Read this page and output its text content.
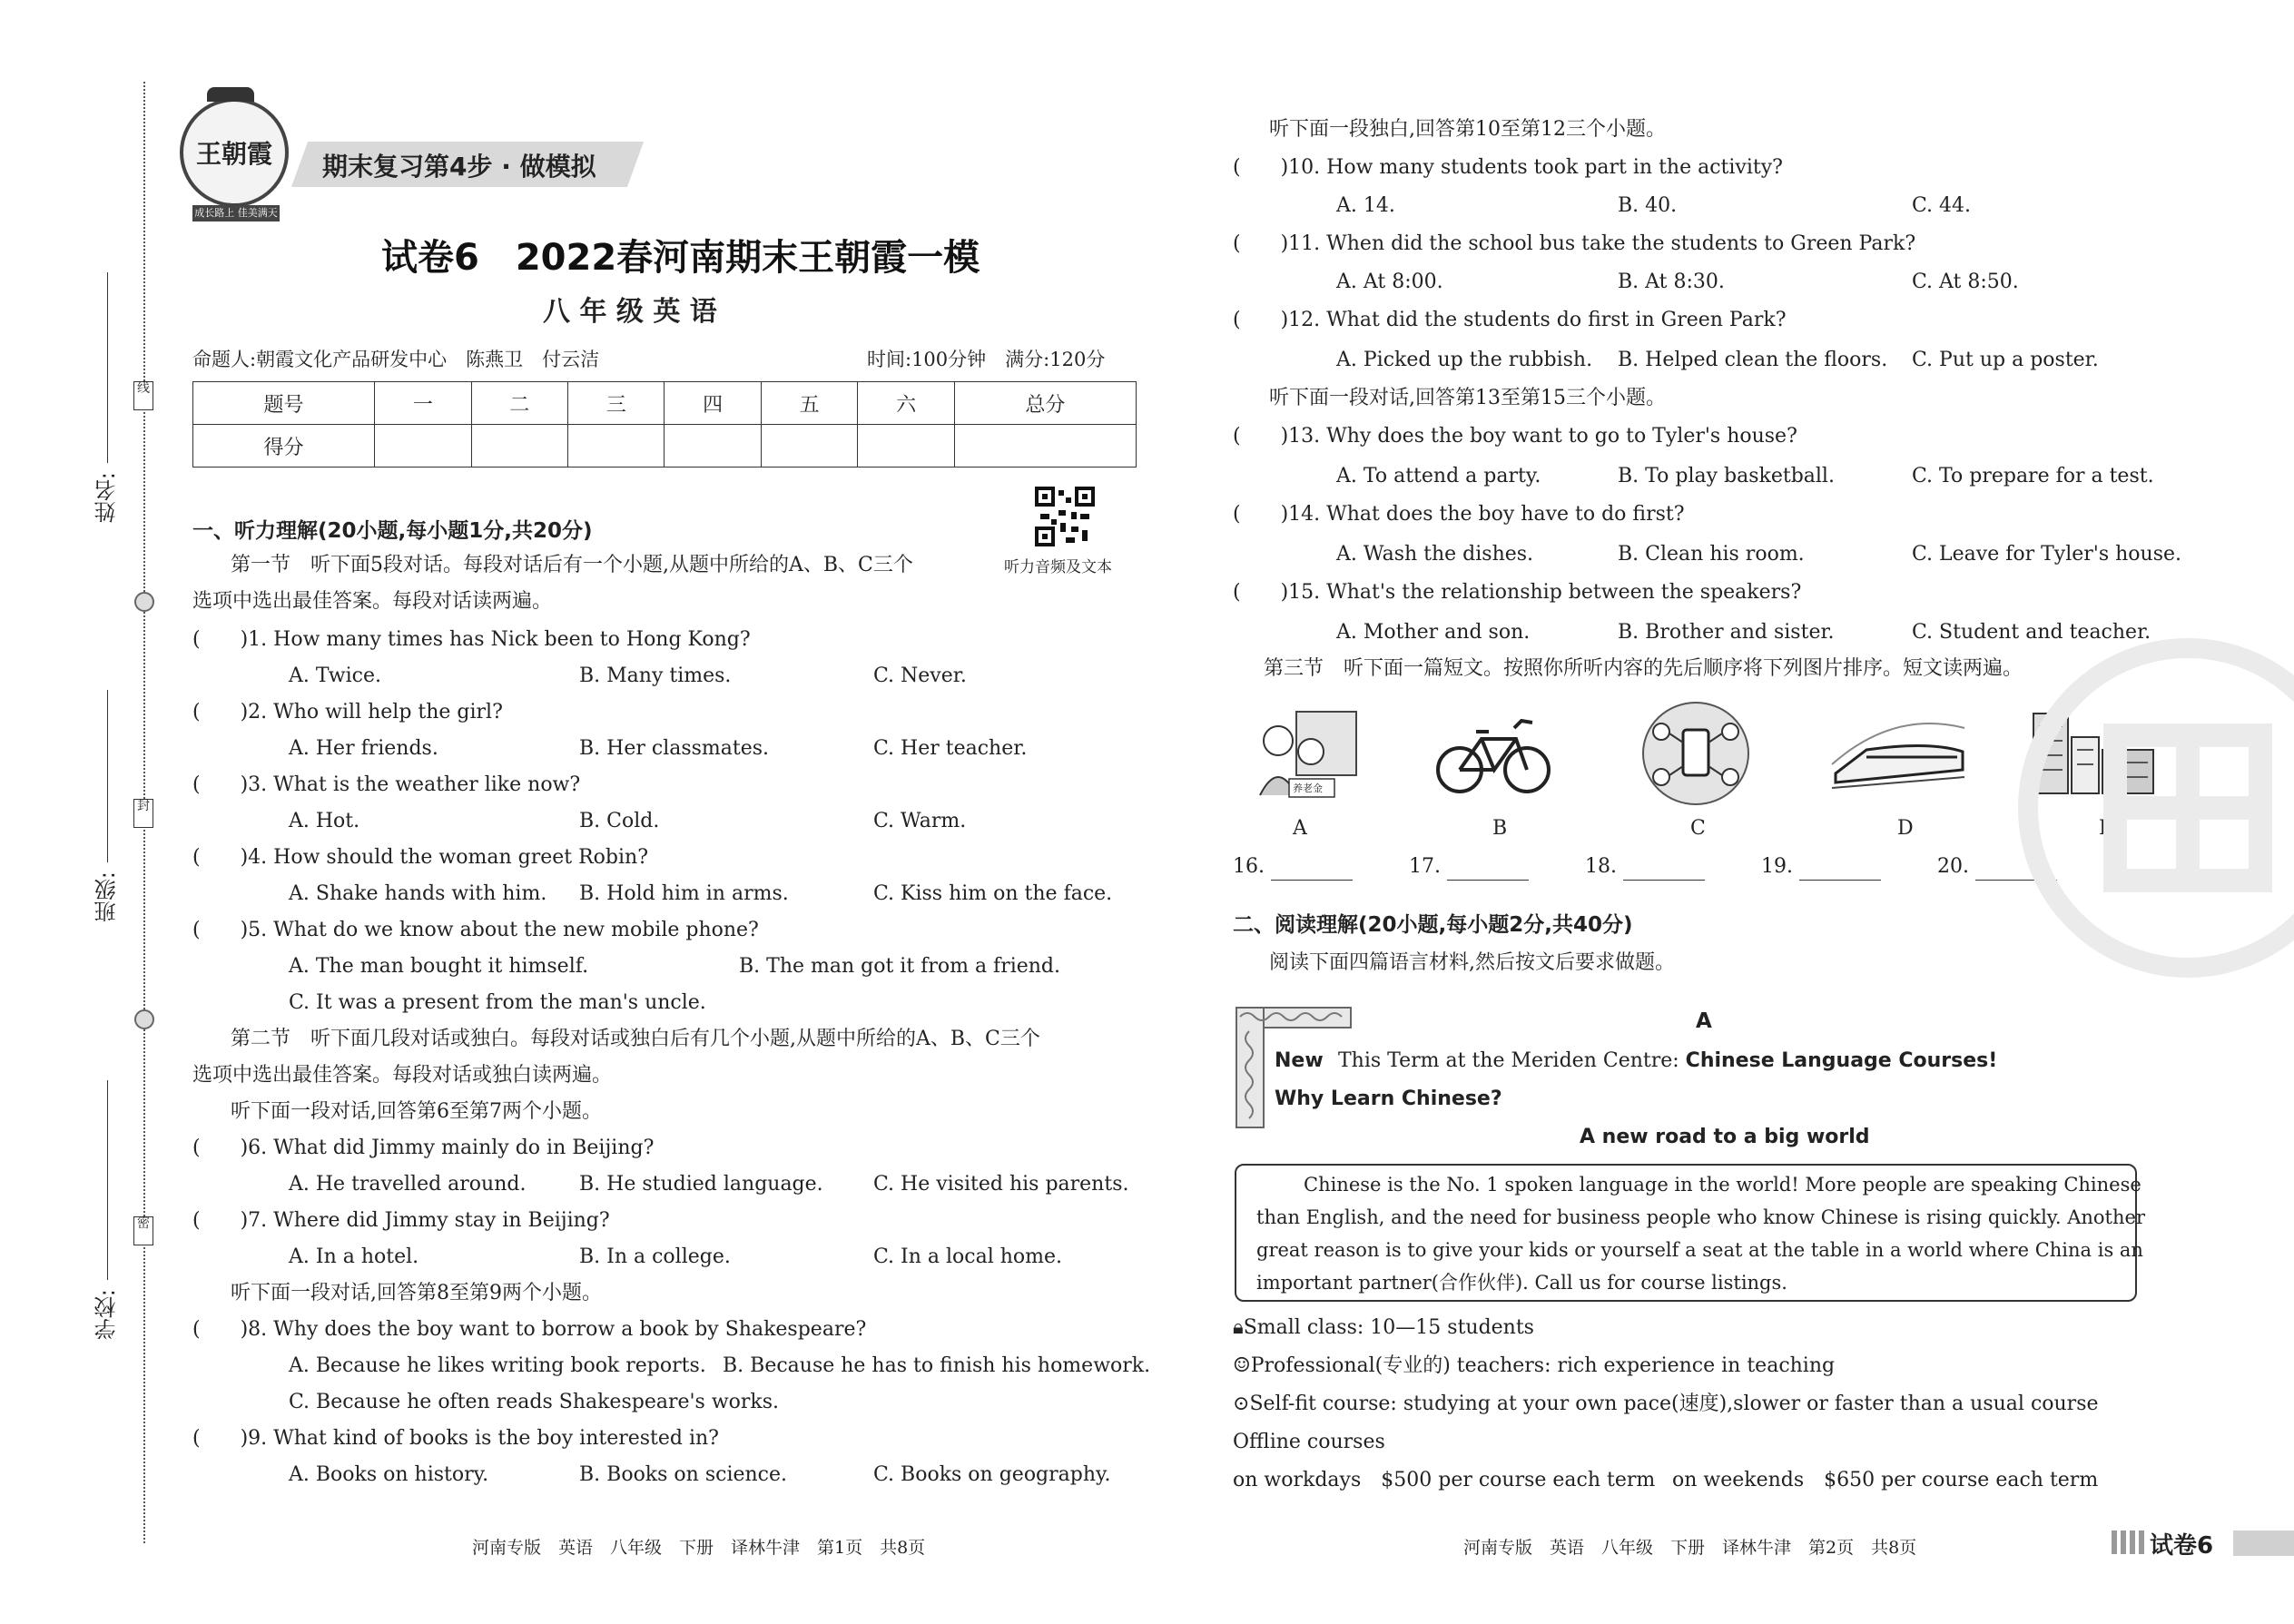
线
封
密
姓名:
班级:
学校:
王朝霞
成长路上 佳美满天
期末复习第4步 · 做模拟
试卷6　2022春河南期末王朝霞一模
八 年 级 英 语
命题人:朝霞文化产品研发中心　陈燕卫　付云洁	时间:100分钟　满分:120分
题号	一	二	三	四	五	六	总分
得分							
听力音频及文本
一、听力理解(20小题,每小题1分,共20分)
第一节　听下面5段对话。每段对话后有一个小题,从题中所给的A、B、C三个
选项中选出最佳答案。每段对话读两遍。
(　　)1. How many times has Nick been to Hong Kong?
A. Twice.	B. Many times.	C. Never.
(　　)2. Who will help the girl?
A. Her friends.	B. Her classmates.	C. Her teacher.
(　　)3. What is the weather like now?
A. Hot.	B. Cold.	C. Warm.
(　　)4. How should the woman greet Robin?
A. Shake hands with him. B. Hold him in arms.	C. Kiss him on the face.
(　　)5. What do we know about the new mobile phone?
A. The man bought it himself.	B. The man got it from a friend.
C. It was a present from the man's uncle.
第二节　听下面几段对话或独白。每段对话或独白后有几个小题,从题中所给的A、B、C三个
选项中选出最佳答案。每段对话或独白读两遍。
听下面一段对话,回答第6至第7两个小题。
(　　)6. What did Jimmy mainly do in Beijing?
A. He travelled around.	B. He studied language.	C. He visited his parents.
(　　)7. Where did Jimmy stay in Beijing?
A. In a hotel.	B. In a college.	C. In a local home.
听下面一段对话,回答第8至第9两个小题。
(　　)8. Why does the boy want to borrow a book by Shakespeare?
A. Because he likes writing book reports. B. Because he has to finish his homework.
C. Because he often reads Shakespeare's works.
(　　)9. What kind of books is the boy interested in?
A. Books on history.	B. Books on science.	C. Books on geography.
河南专版　英语　八年级　下册　译林牛津　第1页　共8页
听下面一段独白,回答第10至第12三个小题。
(　　)10. How many students took part in the activity?
A. 14.	B. 40.	C. 44.
(　　)11. When did the school bus take the students to Green Park?
A. At 8:00.	B. At 8:30.	C. At 8:50.
(　　)12. What did the students do first in Green Park?
A. Picked up the rubbish. B. Helped clean the floors. C. Put up a poster.
听下面一段对话,回答第13至第15三个小题。
(　　)13. Why does the boy want to go to Tyler's house?
A. To attend a party.	B. To play basketball.	C. To prepare for a test.
(　　)14. What does the boy have to do first?
A. Wash the dishes.	B. Clean his room.	C. Leave for Tyler's house.
(　　)15. What's the relationship between the speakers?
A. Mother and son.	B. Brother and sister.	C. Student and teacher.
第三节　听下面一篇短文。按照你所听内容的先后顺序将下列图片排序。短文读两遍。
养老金
A	B	C	D	E
16.	17.	18.	19.	20.
二、阅读理解(20小题,每小题2分,共40分)
阅读下面四篇语言材料,然后按文后要求做题。
A
New This Term at the Meriden Centre: Chinese Language Courses!
Why Learn Chinese?
A new road to a big world
Chinese is the No. 1 spoken language in the world! More people are speaking Chinese
than English, and the need for business people who know Chinese is rising quickly. Another
great reason is to give your kids or yourself a seat at the table in a world where China is an
important partner(合作伙伴). Call us for course listings.
🔒︎Small class: 10—15 students
☺Professional(专业的) teachers: rich experience in teaching
⊙Self-fit course: studying at your own pace(速度),slower or faster than a usual course
Offline courses
on workdays　$500 per course each term on weekends　$650 per course each term
河南专版　英语　八年级　下册　译林牛津　第2页　共8页	试卷6
